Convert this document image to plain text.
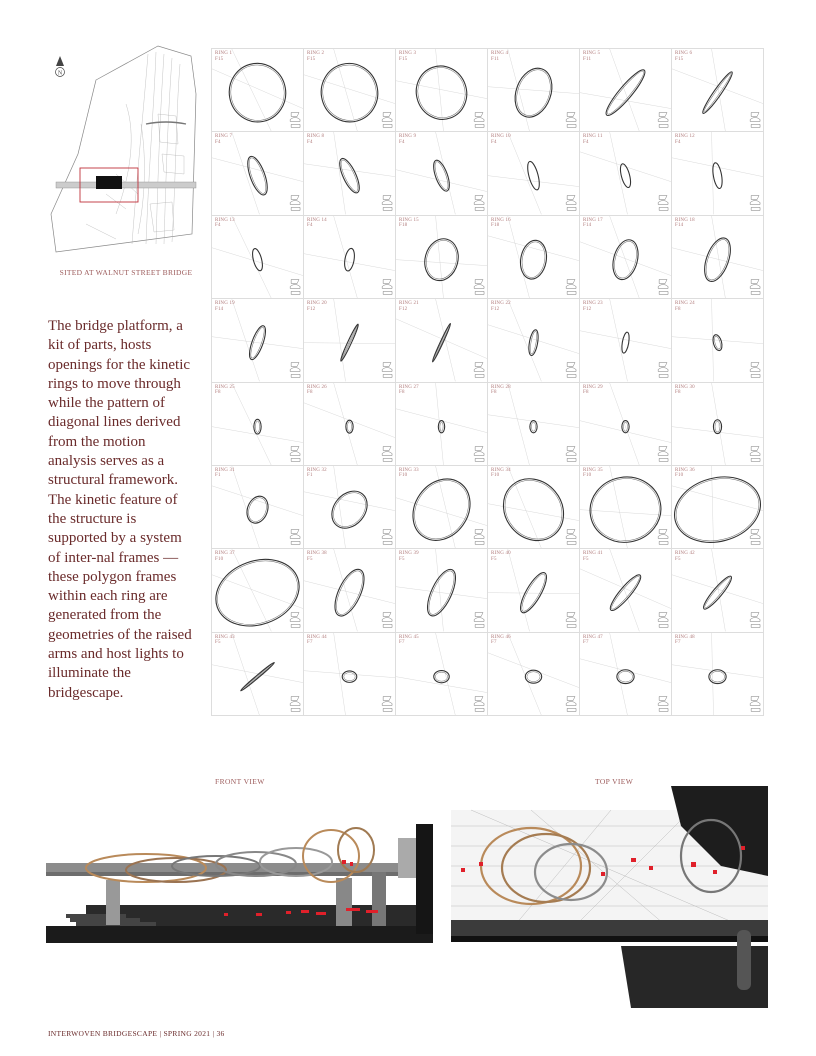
N
SITED AT WALNUT STREET BRIDGE
The bridge platform, a kit of parts, hosts openings for the kinetic rings to move through while the pattern of diagonal lines derived from the motion analysis serves as a structural framework. The kinetic feature of the structure is supported by a system of inter-nal frames — these polygon frames within each ring are generated from the geometries of the raised arms and host lights to illuminate the bridgescape.
RING 1
F15
RING 2
F15
RING 3
F15
RING 4
F11
RING 5
F11
RING 6
F15
RING 7
F4
RING 8
F4
RING 9
F4
RING 10
F4
RING 11
F4
RING 12
F4
RING 13
F4
RING 14
F4
RING 15
F18
RING 16
F18
RING 17
F14
RING 18
F14
RING 19
F14
RING 20
F12
RING 21
F12
RING 22
F12
RING 23
F12
RING 24
F8
RING 25
F8
RING 26
F8
RING 27
F8
RING 28
F8
RING 29
F8
RING 30
F8
RING 31
F1
RING 32
F1
RING 33
F10
RING 34
F10
RING 35
F10
RING 36
F10
RING 37
F10
RING 38
F5
RING 39
F5
RING 40
F5
RING 41
F5
RING 42
F5
RING 43
F5
RING 44
F7
RING 45
F7
RING 46
F7
RING 47
F7
RING 48
F7
FRONT VIEW	TOP VIEW
INTERWOVEN BRIDGESCAPE | SPRING 2021 | 36
